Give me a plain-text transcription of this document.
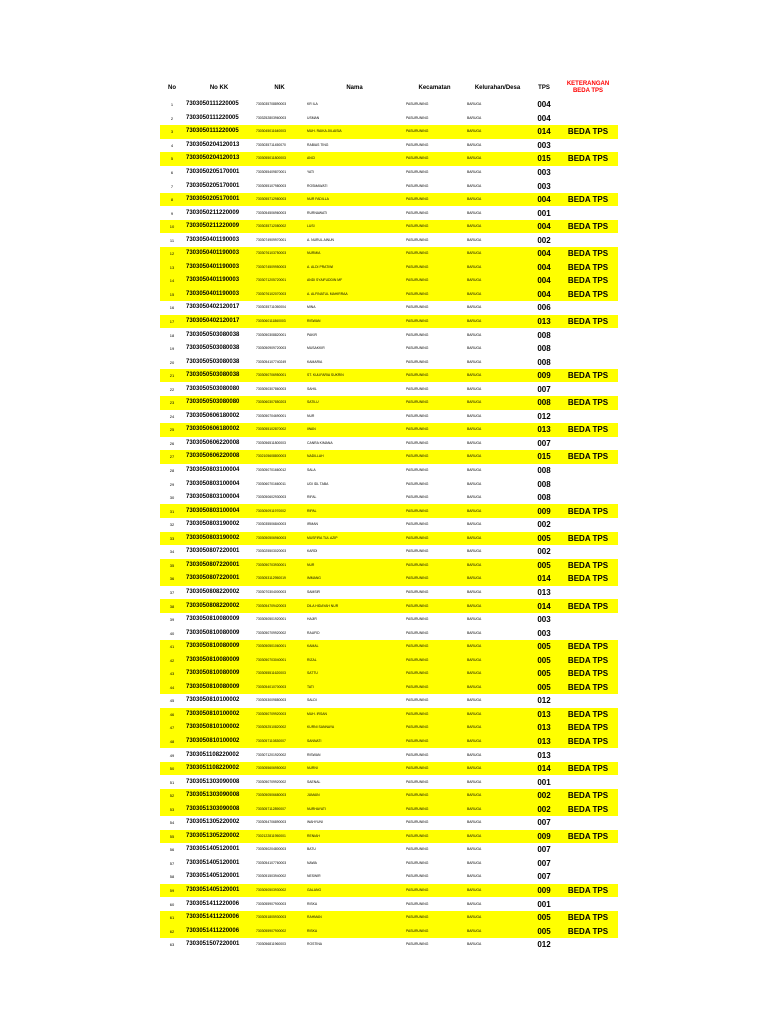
No	No KK	NIK	Nama	Kecamatan	Kelurahan/Desa	TPS	KETERANGAN BEDA TPS
1	7303050111220005	7303035708890003	KR ILA	PASURUNING	BARUGA	004	
2	7303050111220005	7303252803960003	USMAN	PASURUNING	BARUGA	004	
3	7303050111220005	7303045011640003	MUH. RAIKA JIILAISIA	PASURUNING	BARUGA	014	BEDA TPS
4	7303050204120013	7303035711450070	RABIAS TING	PASURUNING	BARUGA	003	
5	7303050204120013	7303055011800003	ANCI	PASURUNING	BARUGA	015	BEDA TPS
6	7303050205170001	7303055409870001	YATI	PASURUNING	BARUGA	003	
7	7303050205170001	7303055107980003	ROSMAWATI	PASURUNING	BARUGA	003	
8	7303050205170001	7303055712980003	NUR FADILLA	PASURUNING	BARUGA	004	BEDA TPS
9	7303050211220009	7303054506960003	RURNAWATI	PASURUNING	BARUGA	001	
10	7303050211220009	7303035712080002	LUSI	PASURUNING	BARUGA	004	BEDA TPS
11	7303050401190003	7303074909970001	A. NURUL AINUN	PASURUNING	BARUGA	002	
12	7303050401190003	7303076103750003	NURMIA	PASURUNING	BARUGA	004	BEDA TPS
13	7303050401190003	7303074509950003	A. ALDI PRATIWI	PASURUNING	BARUGA	004	BEDA TPS
14	7303050401190003	7303071205720001	ANDI SYAIFUDDIN MF	PASURUNING	BARUGA	004	BEDA TPS
15	7303050401190003	7303076102070003	A. ALFINATUL MAHIRRAA	PASURUNING	BARUGA	004	BEDA TPS
16	7303050402120017	7303035711050004	MINA	PASURUNING	BARUGA	006	
17	7303050402120017	7303060111860003	RISWAN	PASURUNING	BARUGA	013	BEDA TPS
18	7303050503080038	7303050308820001	PAKIR	PASURUNING	BARUGA	008	
19	7303050503080038	7303050909720003	MUSAKKIR	PASURUNING	BARUGA	008	
20	7303050503080038	7303054107740249	KAMARIA	PASURUNING	BARUGA	008	
21	7303050503080038	7303050706950001	ST. KULIFARIA SUKRIN	PASURUNING	BARUGA	009	BEDA TPS
22	7303050503080080	7303050307860003	SAHIL	PASURUNING	BARUGA	007	
23	7303050503080080	7303060307850203	SATILU	PASURUNING	BARUGA	008	BEDA TPS
24	7303050606180002	7303050704690001	NUR	PASURUNING	BARUGA	012	
25	7303050606180002	7303055102870002	IWAN	PASURUNING	BARUGA	013	BEDA TPS
26	7303050606220008	7303056511800003	CANRA KIMANA	PASURUNING	BARUGA	007	
27	7303050606220008	7302105608800003	NADILLAH	PASURUNING	BARUGA	015	BEDA TPS
28	7303050803100004	7303050701660012	SALA	PASURUNING	BARUGA	008	
29	7303050803100004	7303060701660011	UDI IDL TABA	PASURUNING	BARUGA	008	
30	7303050803100004	7303050602930003	RIFAL	PASURUNING	BARUGA	008	
31	7303050803100004	7303050911970002	RIPAL	PASURUNING	BARUGA	009	BEDA TPS
32	7303050803190002	7303035506840003	IRMAN	PASURUNING	BARUGA	002	
33	7303050803190002	7303050506960003	MUSFIRA TUL AZIP	PASURUNING	BARUGA	005	BEDA TPS
34	7303050807220001	7303025503020003	KARDI	PASURUNING	BARUGA	002	
35	7303050807220001	7303050703930001	NUR	PASURUNING	BARUGA	005	BEDA TPS
36	7303050807220001	7303053112950019	IMMANG	PASURUNING	BARUGA	014	BEDA TPS
37	7303050808220002	7303070304000003	SAMSIR	PASURUNING	BARUGA	013	
38	7303050808220002	7303054709420003	DILA HIDAYAH NUR	PASURUNING	BARUGA	014	BEDA TPS
39	7303050810080009	7303050501920001	HAJIR	PASURUNING	BARUGA	003	
40	7303050810080009	7303050709920002	RAUFID	PASURUNING	BARUGA	003	
41	7303050810080009	7303050501060001	KAMAL	PASURUNING	BARUGA	005	BEDA TPS
42	7303050810080009	7303050703040001	RIZAL	PASURUNING	BARUGA	005	BEDA TPS
43	7303050810080009	7303055511620003	SATTU	PASURUNING	BARUGA	005	BEDA TPS
44	7303050810080009	7303054010700003	TATI	PASURUNING	BARUGA	005	BEDA TPS
45	7303050810100002	7303053009880003	SALDI	PASURUNING	BARUGA	012	
46	7303050810100002	7303050709920003	MUH. IRSAN	PASURUNING	BARUGA	013	BEDA TPS
47	7303050810100002	7303052510820002	KURNI SANNAYA	PASURUNING	BARUGA	013	BEDA TPS
48	7303050810100002	7303057110830007	SANNATI	PASURUNING	BARUGA	013	BEDA TPS
49	7303051108220002	7303071201920002	RISWAN	PASURUNING	BARUGA	013	
50	7303051108220002	7303055606950002	NURNI	PASURUNING	BARUGA	014	BEDA TPS
51	7303051303090008	7303050709920002	SAENAL	PASURUNING	BARUGA	001	
52	7303051303090008	7303050506680003	JUMAIN	PASURUNING	BARUGA	002	BEDA TPS
53	7303051303090008	7303057112890007	NURHAYATI	PASURUNING	BARUGA	002	BEDA TPS
54	7303051305220002	7303054706890003	WAHYUNI	PASURUNING	BARUGA	007	
55	7303051305220002	7302122811950001	RENIAH	PASURUNING	BARUGA	009	BEDA TPS
56	7303051405120001	7303050204800003	BATU	PASURUNING	BARUGA	007	
57	7303051405120001	7303054107760003	NAWA	PASURUNING	BARUGA	007	
58	7303051405120001	7303051503940002	NESWIR	PASURUNING	BARUGA	007	
59	7303051405120001	7303050503930002	GALANG	PASURUNING	BARUGA	009	BEDA TPS
60	7303051411220006	7303055907900003	RISKA	PASURUNING	BARUGA	001	
61	7303051411220006	7303051805930003	RAHMAN	PASURUNING	BARUGA	005	BEDA TPS
62	7303051411220006	7303055907900002	RISKA	PASURUNING	BARUGA	005	BEDA TPS
63	7303051507220001	7303056811960003	ROSTINA	PASURUNING	BARUGA	012	
